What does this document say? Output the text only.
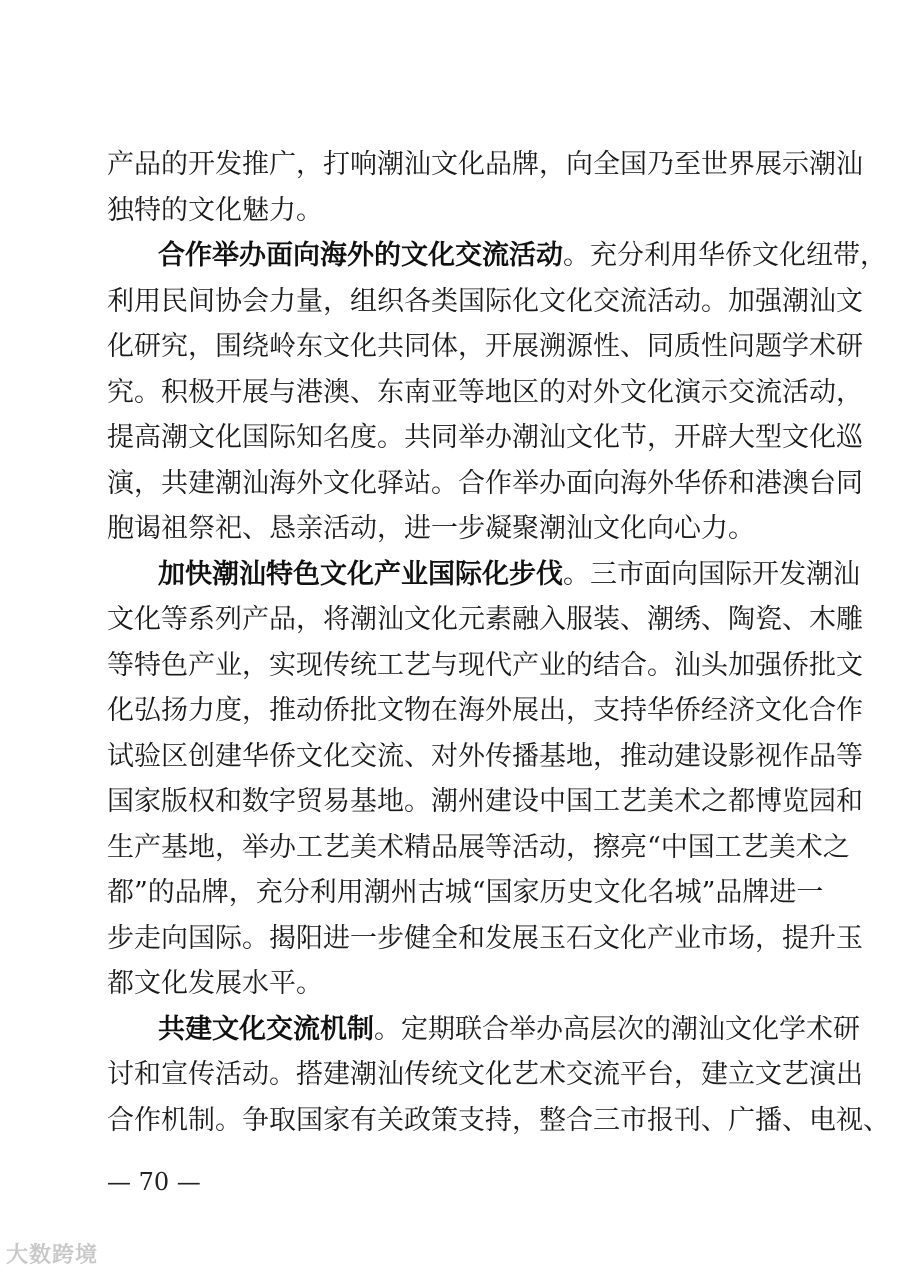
产品的开发推广，打响潮汕文化品牌，向全国乃至世界展示潮汕
独特的文化魅力。
合作举办面向海外的文化交流活动。充分利用华侨文化纽带，
利用民间协会力量，组织各类国际化文化交流活动。加强潮汕文
化研究，围绕岭东文化共同体，开展溯源性、同质性问题学术研
究。积极开展与港澳、东南亚等地区的对外文化演示交流活动，
提高潮文化国际知名度。共同举办潮汕文化节，开辟大型文化巡
演，共建潮汕海外文化驿站。合作举办面向海外华侨和港澳台同
胞谒祖祭祀、恳亲活动，进一步凝聚潮汕文化向心力。
加快潮汕特色文化产业国际化步伐。三市面向国际开发潮汕
文化等系列产品，将潮汕文化元素融入服装、潮绣、陶瓷、木雕
等特色产业，实现传统工艺与现代产业的结合。汕头加强侨批文
化弘扬力度，推动侨批文物在海外展出，支持华侨经济文化合作
试验区创建华侨文化交流、对外传播基地，推动建设影视作品等
国家版权和数字贸易基地。潮州建设中国工艺美术之都博览园和
生产基地，举办工艺美术精品展等活动，擦亮“中国工艺美术之
都”的品牌，充分利用潮州古城“国家历史文化名城”品牌进一
步走向国际。揭阳进一步健全和发展玉石文化产业市场，提升玉
都文化发展水平。
共建文化交流机制。定期联合举办高层次的潮汕文化学术研
讨和宣传活动。搭建潮汕传统文化艺术交流平台，建立文艺演出
合作机制。争取国家有关政策支持，整合三市报刊、广播、电视、
— 70 —
大数跨境
